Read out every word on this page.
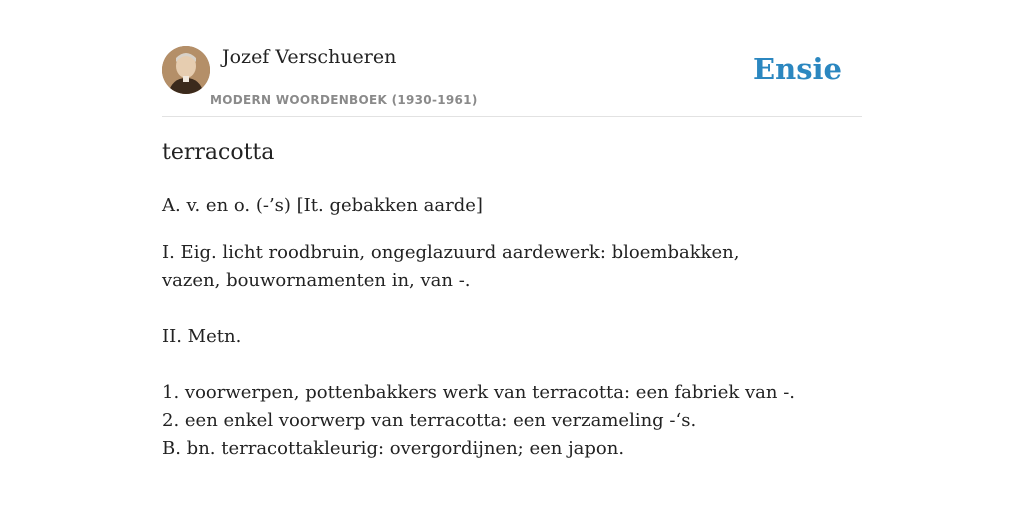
Jozef Verschueren
MODERN WOORDENBOEK (1930-1961)
Ensie
terracotta

A. v. en o. (-’s) [It. gebakken aarde]

I. Eig. licht roodbruin, ongeglazuurd aardewerk: bloembakken, vazen, bouwornamenten in, van -.

II. Metn.

1. voorwerpen, pottenbakkers werk van terracotta: een fabriek van -.

2. een enkel voorwerp van terracotta: een verzameling -‘s.

B. bn. terracottakleurig: overgordijnen; een japon.
